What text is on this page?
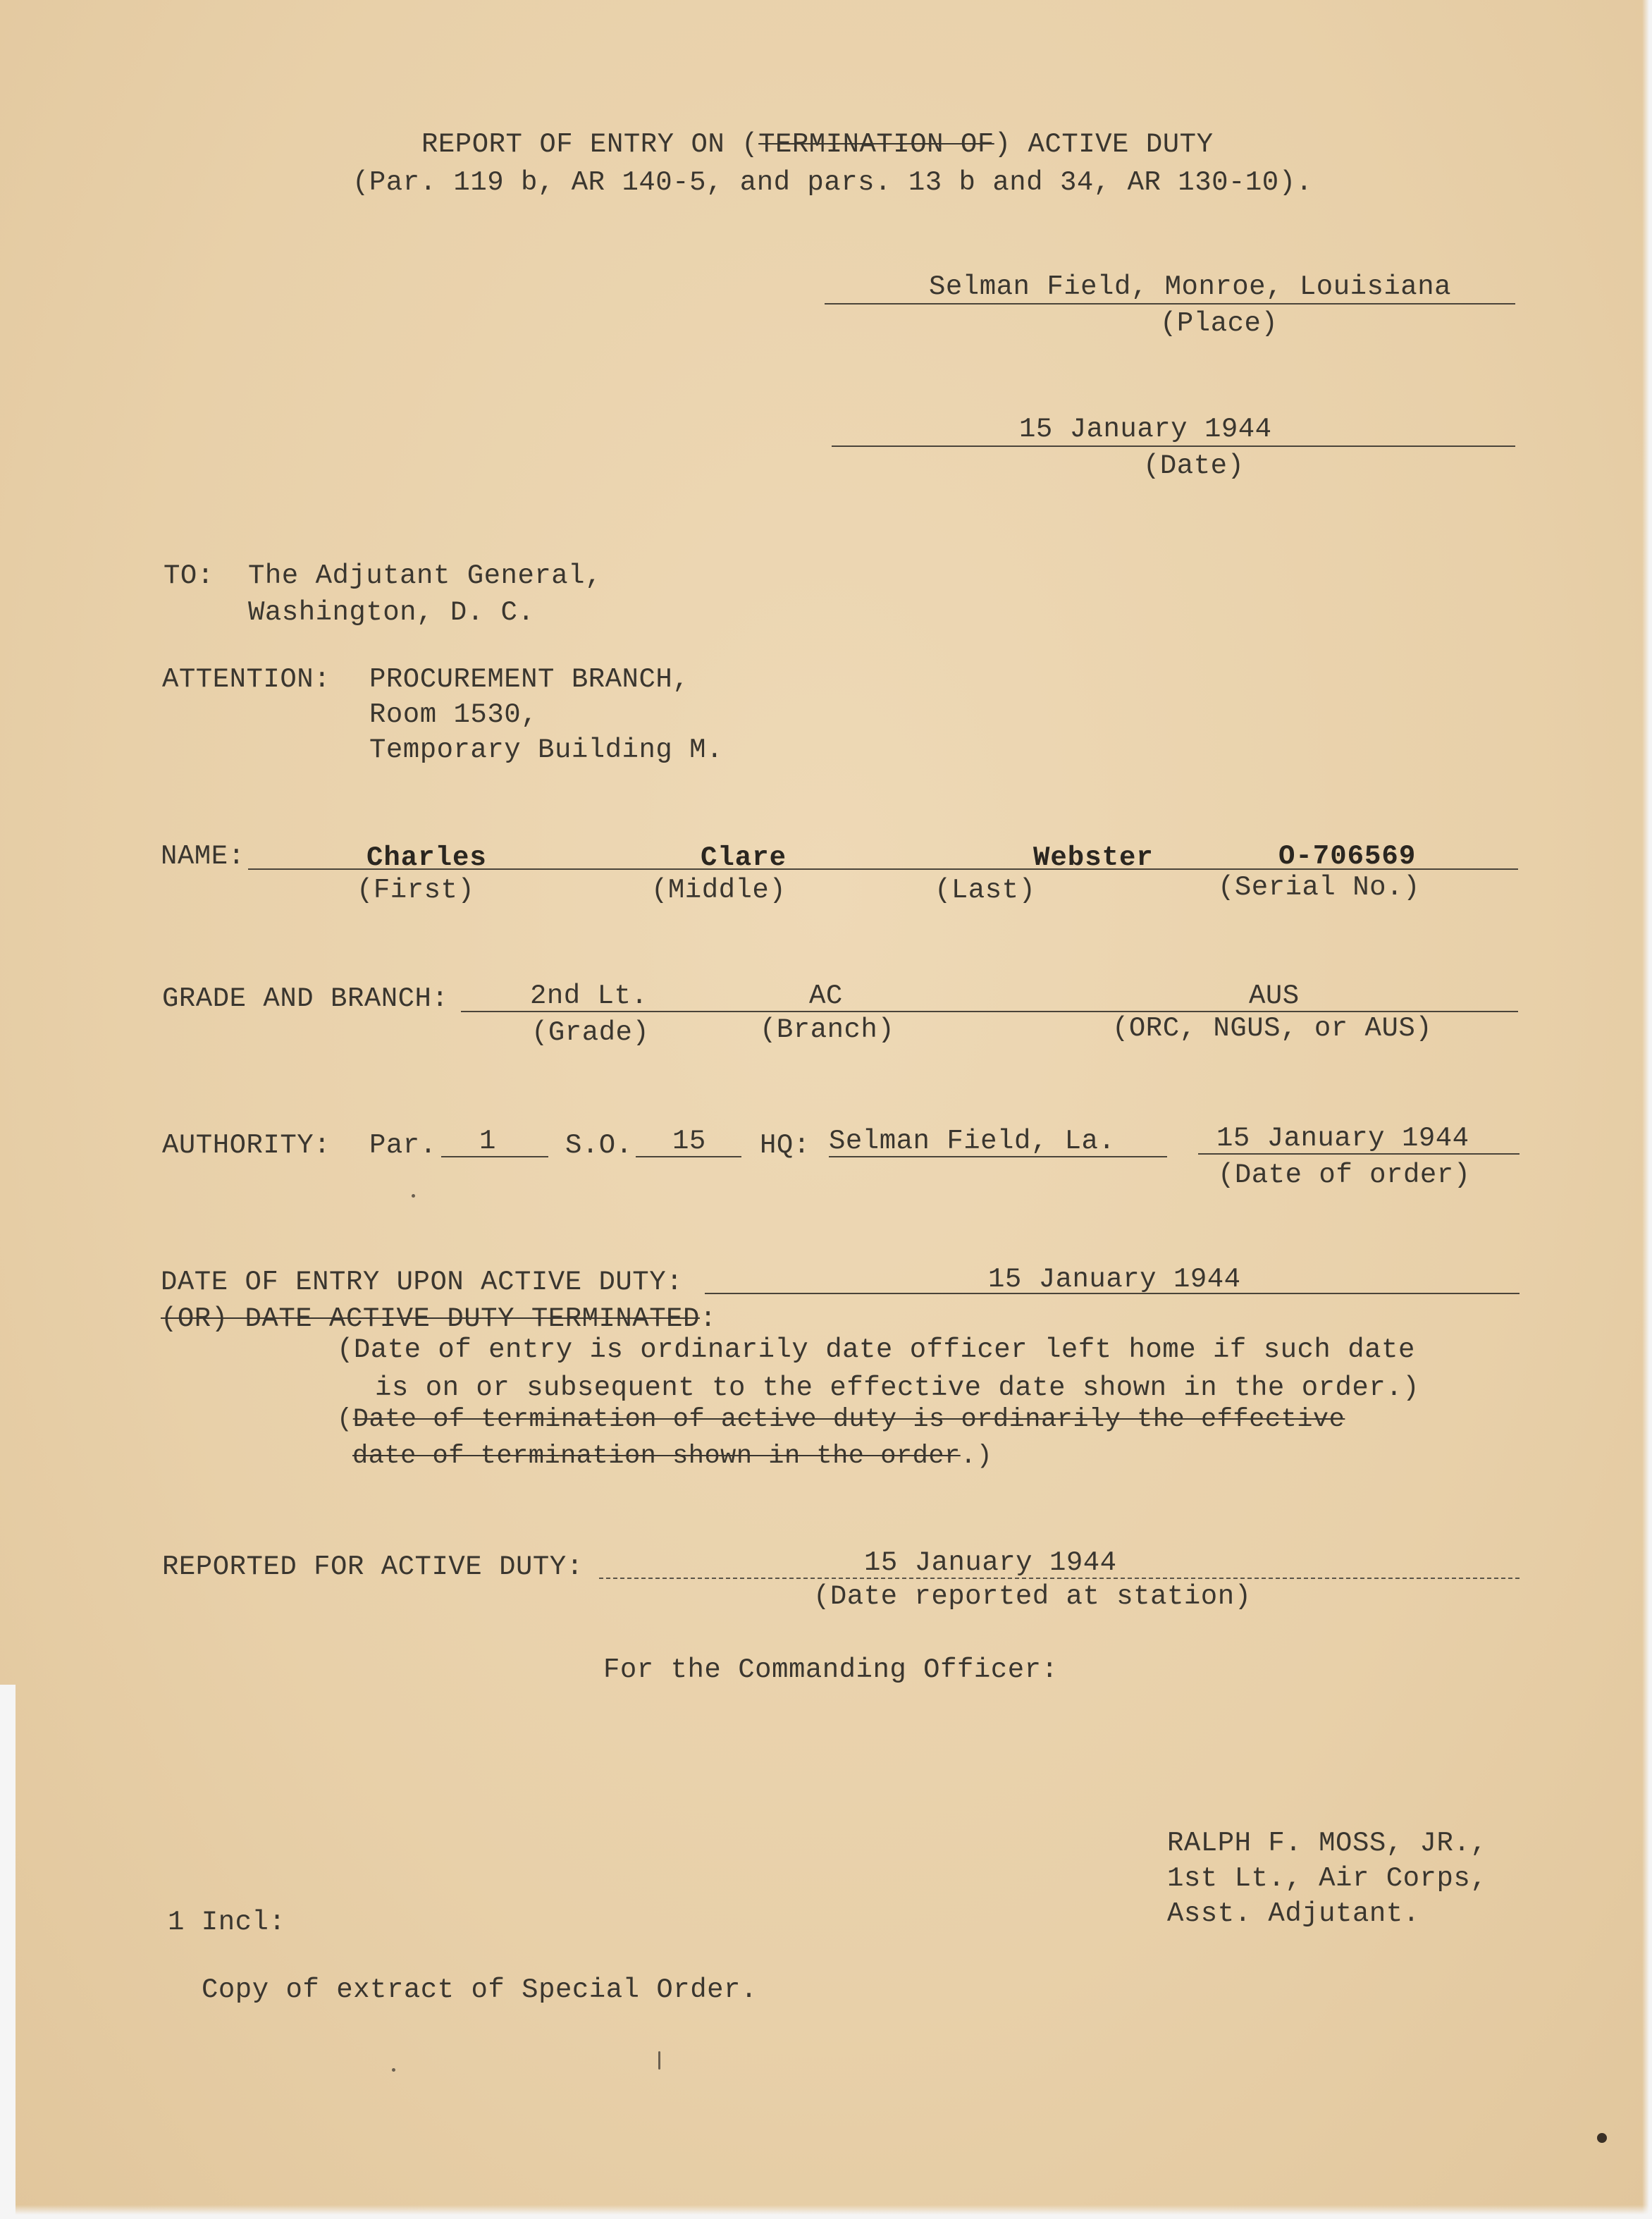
REPORT OF ENTRY ON (TERMINATION OF) ACTIVE DUTY
(Par. 119 b, AR 140-5, and pars. 13 b and 34, AR 130-10).
Selman Field, Monroe, Louisiana
(Place)
15 January 1944
(Date)
TO: The Adjutant General,
Washington, D. C.
ATTENTION: PROCUREMENT BRANCH,
Room 1530,
Temporary Building M.
NAME:	Charles	Clare	Webster	O-706569
(First)	(Middle)	(Last)	(Serial No.)
GRADE AND BRANCH:	2nd Lt.	AC	AUS
(Grade)	(Branch)	(ORC, NGUS, or AUS)
AUTHORITY: Par. 1	S.O. 15 HQ: Selman Field, La.	15 January 1944
(Date of order)
DATE OF ENTRY UPON ACTIVE DUTY:	15 January 1944
(OR) DATE ACTIVE DUTY TERMINATED:
(Date of entry is ordinarily date officer left home if such date
is on or subsequent to the effective date shown in the order.)
(Date of termination of active duty is ordinarily the effective
date of termination shown in the order.)
REPORTED FOR ACTIVE DUTY:	15 January 1944
(Date reported at station)
For the Commanding Officer:
RALPH F. MOSS, JR.,
1st Lt., Air Corps,
Asst. Adjutant.
1 Incl:
Copy of extract of Special Order.
